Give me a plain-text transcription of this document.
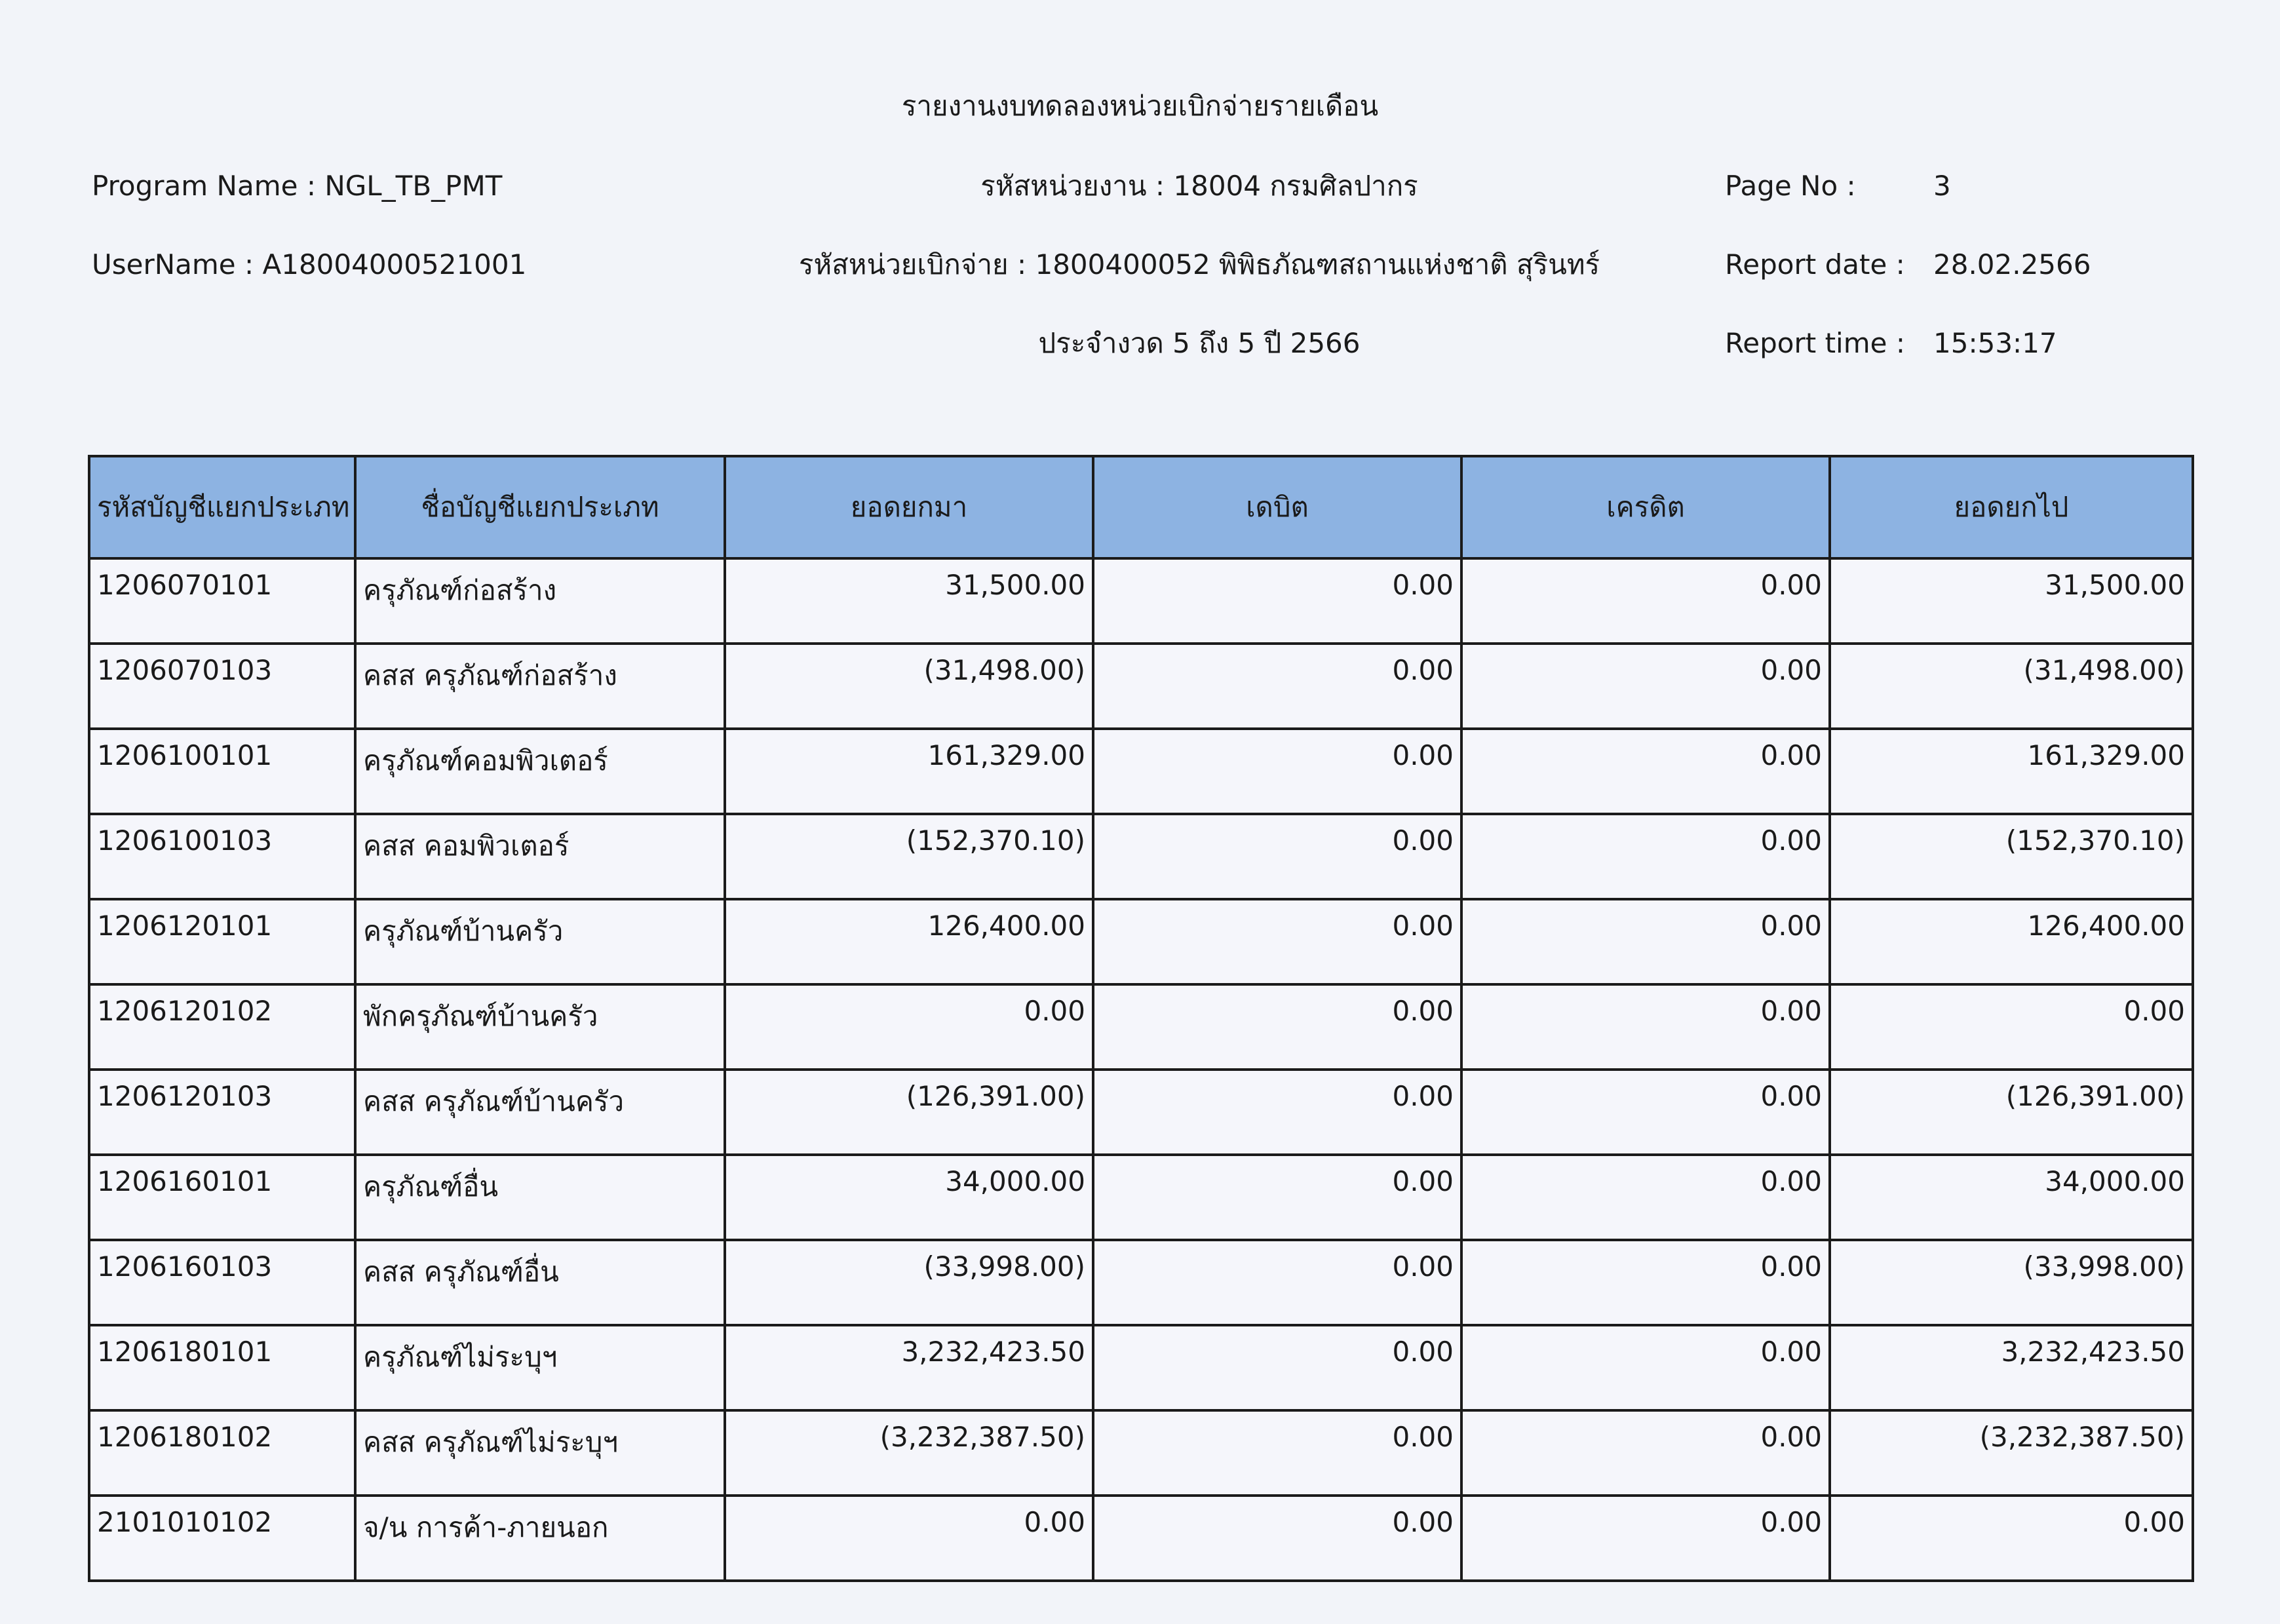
รายงานงบทดลองหน่วยเบิกจ่ายรายเดือน
Program Name : NGL_TB_PMT	รหัสหน่วยงาน : 18004 กรมศิลปากร	Page No :	3
UserName : A18004000521001	รหัสหน่วยเบิกจ่าย : 1800400052 พิพิธภัณฑสถานแห่งชาติ สุรินทร์	Report date : 28.02.2566
ประจำงวด 5 ถึง 5 ปี 2566	Report time : 15:53:17
รหัสบัญชีแยกประเภท	ชื่อบัญชีแยกประเภท	ยอดยกมา	เดบิต	เครดิต	ยอดยกไป
1206070101	ครุภัณฑ์ก่อสร้าง	31,500.00	0.00	0.00	31,500.00
1206070103	คสส ครุภัณฑ์ก่อสร้าง	(31,498.00)	0.00	0.00	(31,498.00)
1206100101	ครุภัณฑ์คอมพิวเตอร์	161,329.00	0.00	0.00	161,329.00
1206100103	คสส คอมพิวเตอร์	(152,370.10)	0.00	0.00	(152,370.10)
1206120101	ครุภัณฑ์บ้านครัว	126,400.00	0.00	0.00	126,400.00
1206120102	พักครุภัณฑ์บ้านครัว	0.00	0.00	0.00	0.00
1206120103	คสส ครุภัณฑ์บ้านครัว	(126,391.00)	0.00	0.00	(126,391.00)
1206160101	ครุภัณฑ์อื่น	34,000.00	0.00	0.00	34,000.00
1206160103	คสส ครุภัณฑ์อื่น	(33,998.00)	0.00	0.00	(33,998.00)
1206180101	ครุภัณฑ์ไม่ระบุฯ	3,232,423.50	0.00	0.00	3,232,423.50
1206180102	คสส ครุภัณฑ์ไม่ระบุฯ	(3,232,387.50)	0.00	0.00	(3,232,387.50)
2101010102	จ/น การค้า-ภายนอก	0.00	0.00	0.00	0.00
